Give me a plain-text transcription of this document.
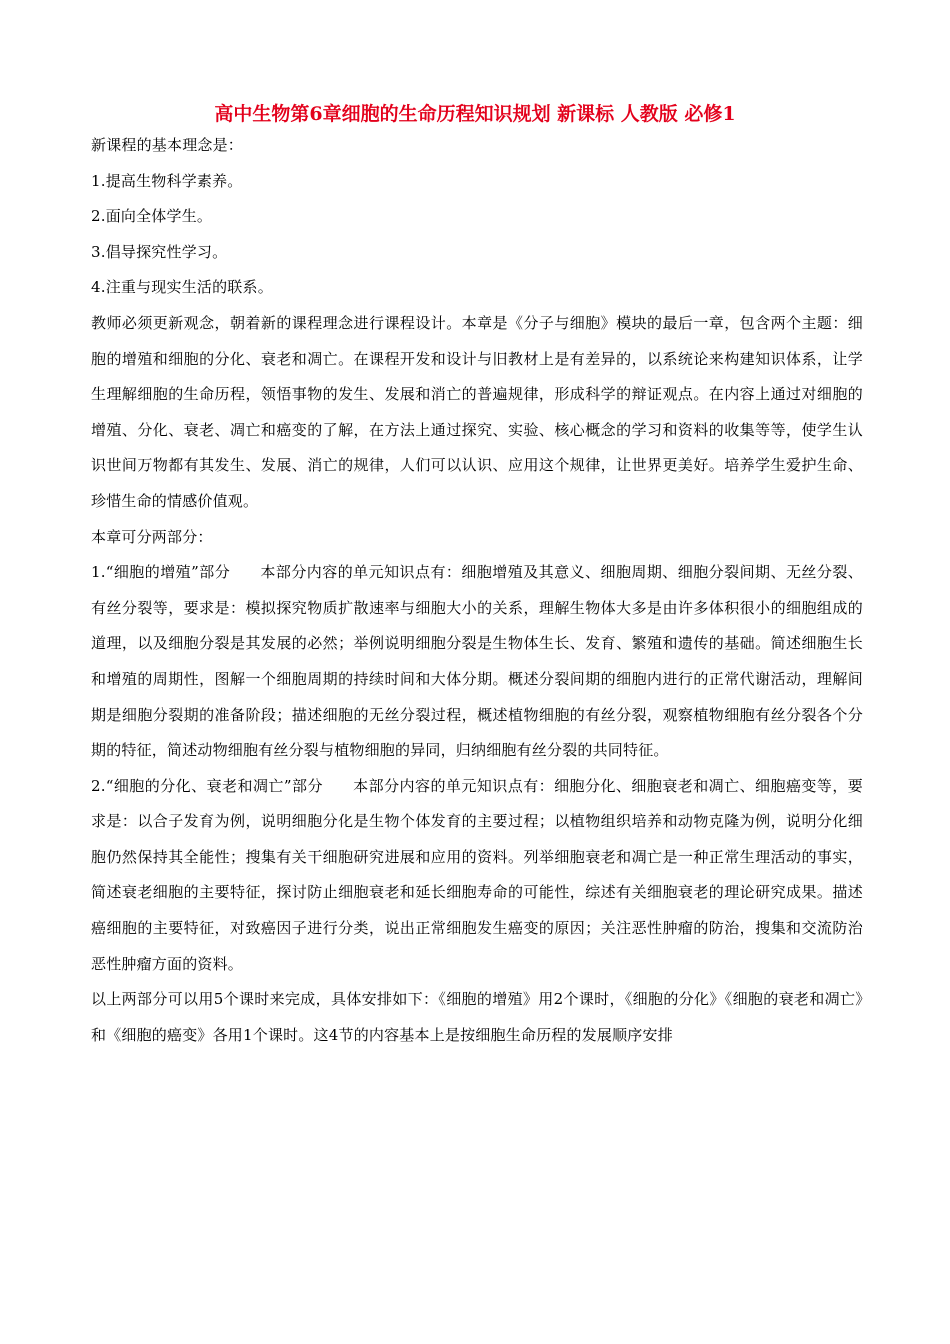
高中生物第6章细胞的生命历程知识规划 新课标 人教版 必修1

新课程的基本理念是：

1.提高生物科学素养。

2.面向全体学生。

3.倡导探究性学习。

4.注重与现实生活的联系。

教师必须更新观念，朝着新的课程理念进行课程设计。本章是《分子与细胞》模块的最后一章，包含两个主题：细胞的增殖和细胞的分化、衰老和凋亡。在课程开发和设计与旧教材上是有差异的，以系统论来构建知识体系，让学生理解细胞的生命历程，领悟事物的发生、发展和消亡的普遍规律，形成科学的辩证观点。在内容上通过对细胞的增殖、分化、衰老、凋亡和癌变的了解，在方法上通过探究、实验、核心概念的学习和资料的收集等等，使学生认识世间万物都有其发生、发展、消亡的规律，人们可以认识、应用这个规律，让世界更美好。培养学生爱护生命、珍惜生命的情感价值观。

本章可分两部分：

1.“细胞的增殖”部分 本部分内容的单元知识点有：细胞增殖及其意义、细胞周期、细胞分裂间期、无丝分裂、有丝分裂等，要求是：模拟探究物质扩散速率与细胞大小的关系，理解生物体大多是由许多体积很小的细胞组成的道理，以及细胞分裂是其发展的必然；举例说明细胞分裂是生物体生长、发育、繁殖和遗传的基础。简述细胞生长和增殖的周期性，图解一个细胞周期的持续时间和大体分期。概述分裂间期的细胞内进行的正常代谢活动，理解间期是细胞分裂期的准备阶段；描述细胞的无丝分裂过程，概述植物细胞的有丝分裂，观察植物细胞有丝分裂各个分期的特征，简述动物细胞有丝分裂与植物细胞的异同，归纳细胞有丝分裂的共同特征。

2.“细胞的分化、衰老和凋亡”部分 本部分内容的单元知识点有：细胞分化、细胞衰老和凋亡、细胞癌变等，要求是：以合子发育为例，说明细胞分化是生物个体发育的主要过程；以植物组织培养和动物克隆为例，说明分化细胞仍然保持其全能性；搜集有关干细胞研究进展和应用的资料。列举细胞衰老和凋亡是一种正常生理活动的事实，简述衰老细胞的主要特征，探讨防止细胞衰老和延长细胞寿命的可能性，综述有关细胞衰老的理论研究成果。描述癌细胞的主要特征，对致癌因子进行分类，说出正常细胞发生癌变的原因；关注恶性肿瘤的防治，搜集和交流防治恶性肿瘤方面的资料。

以上两部分可以用5个课时来完成，具体安排如下：《细胞的增殖》用2个课时，《细胞的分化》《细胞的衰老和凋亡》和《细胞的癌变》各用1个课时。这4节的内容基本上是按细胞生命历程的发展顺序安排
